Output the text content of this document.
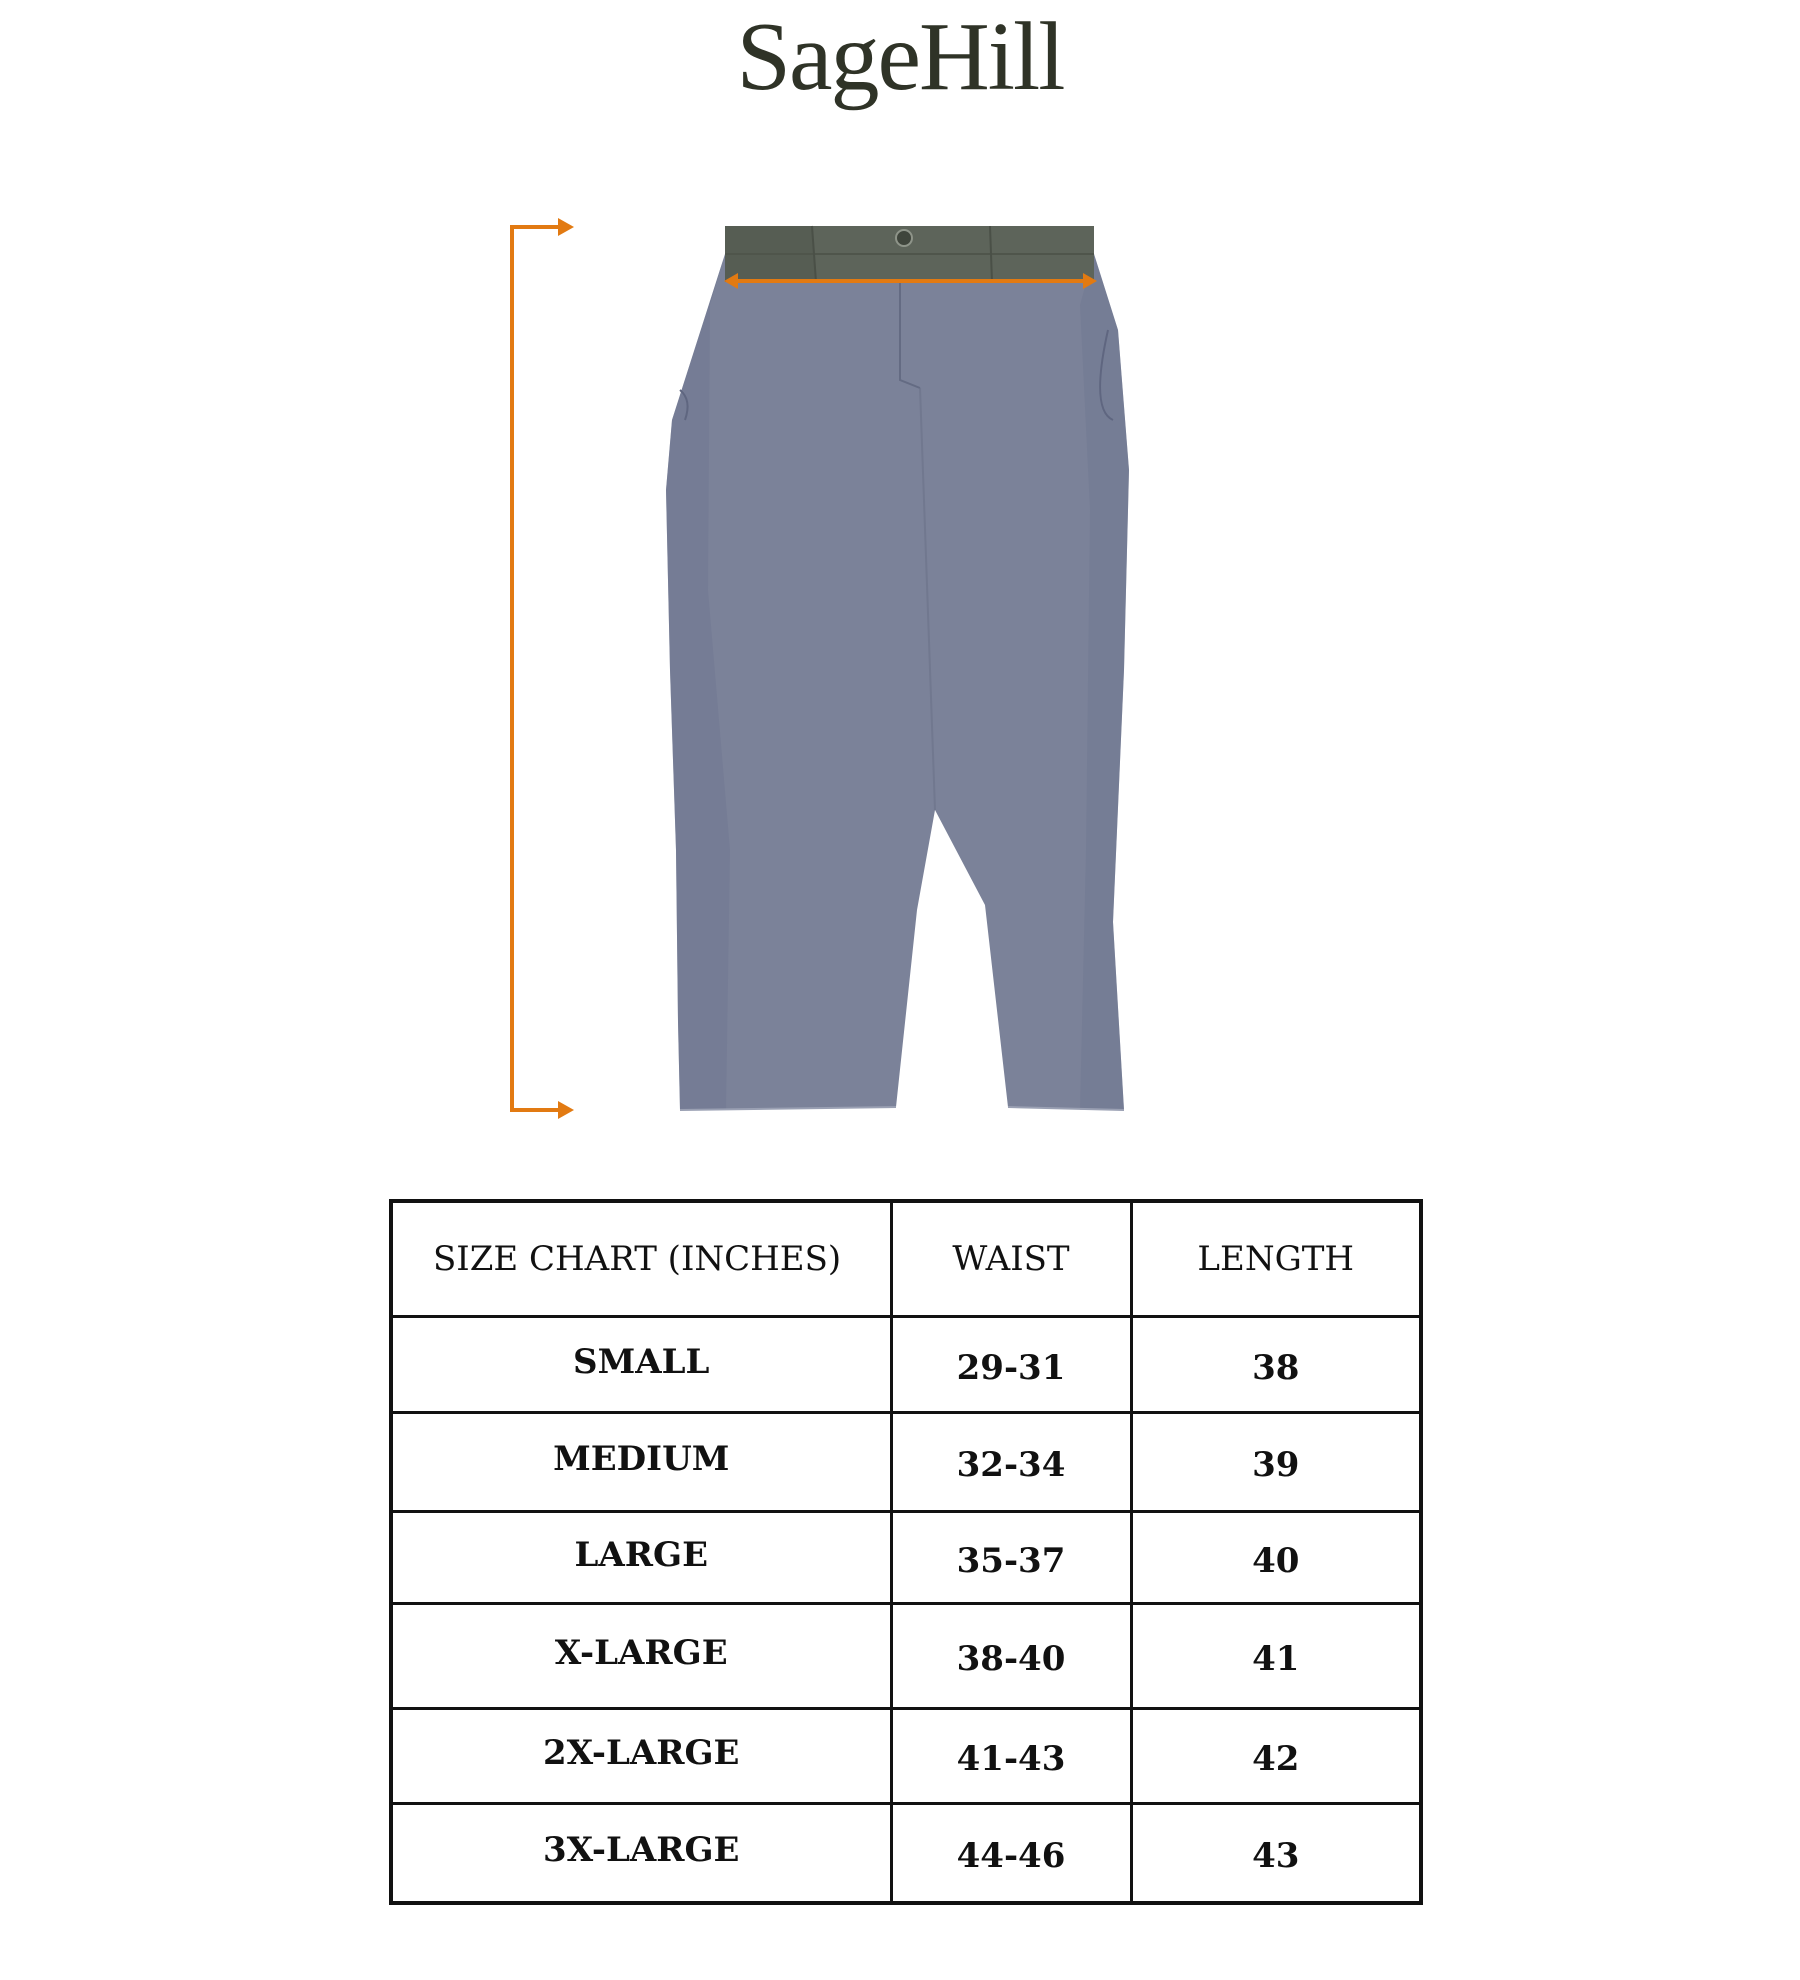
SageHill
SIZE CHART (INCHES)	WAIST	LENGTH
SMALL	29-31	38
MEDIUM	32-34	39
LARGE	35-37	40
X-LARGE	38-40	41
2X-LARGE	41-43	42
3X-LARGE	44-46	43
